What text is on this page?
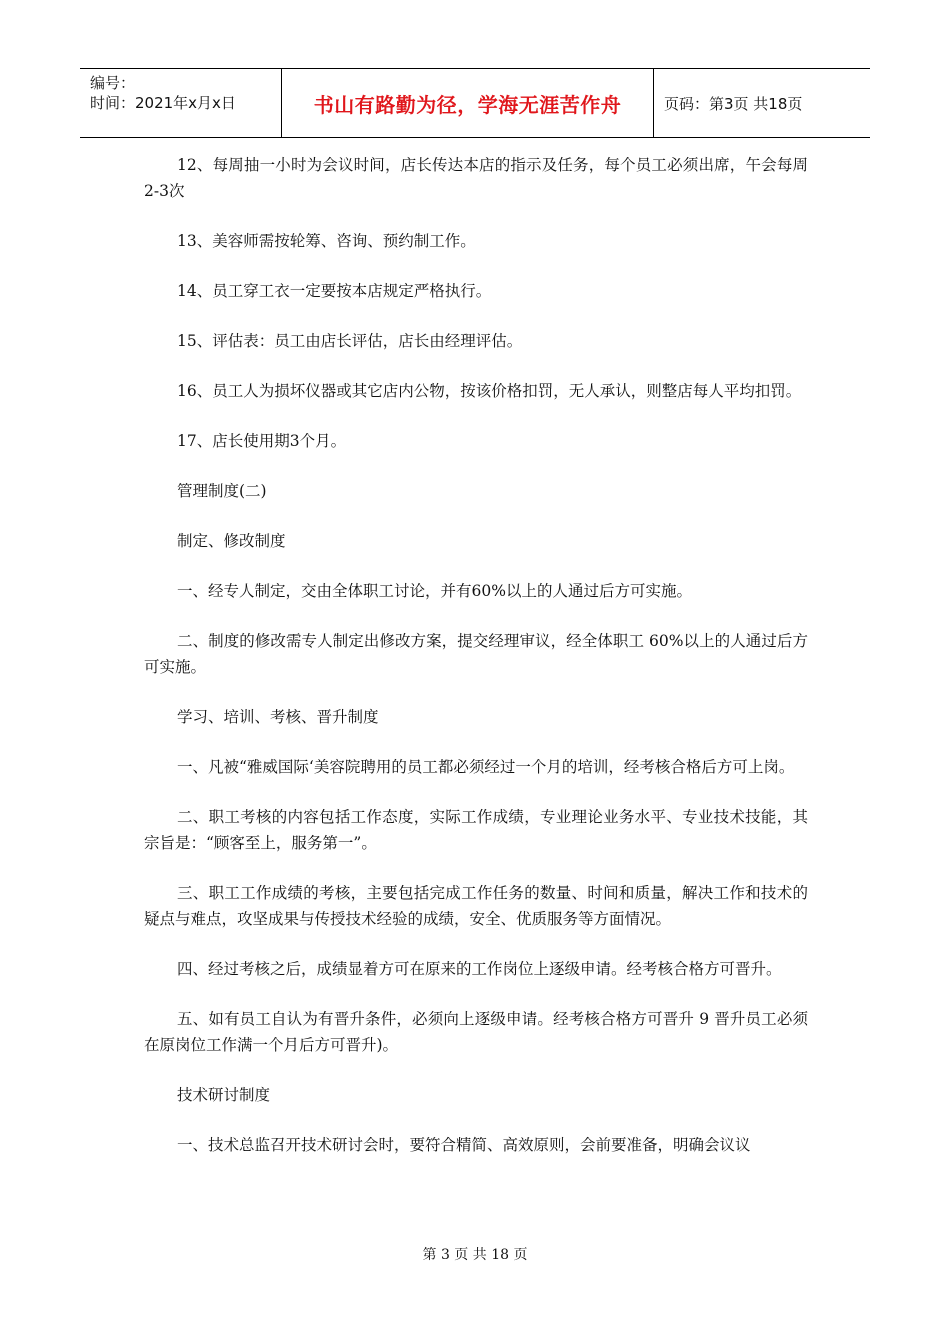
编号：
时间：2021年x月x日	书山有路勤为径，学海无涯苦作舟	页码：第3页 共18页

12、每周抽一小时为会议时间，店长传达本店的指示及任务，每个员工必须出席，午会每周2-3次

13、美容师需按轮筹、咨询、预约制工作。

14、员工穿工衣一定要按本店规定严格执行。

15、评估表：员工由店长评估，店长由经理评估。

16、员工人为损坏仪器或其它店内公物，按该价格扣罚，无人承认，则整店每人平均扣罚。

17、店长使用期3个月。

管理制度(二)

制定、修改制度

一、经专人制定，交由全体职工讨论，并有60%以上的人通过后方可实施。

二、制度的修改需专人制定出修改方案，提交经理审议，经全体职工 60%以上的人通过后方可实施。

学习、培训、考核、晋升制度

一、凡被“雅威国际‘美容院聘用的员工都必须经过一个月的培训，经考核合格后方可上岗。

二、职工考核的内容包括工作态度，实际工作成绩，专业理论业务水平、专业技术技能，其宗旨是：“顾客至上，服务第一”。

三、职工工作成绩的考核，主要包括完成工作任务的数量、时间和质量，解决工作和技术的疑点与难点，攻坚成果与传授技术经验的成绩，安全、优质服务等方面情况。

四、经过考核之后，成绩显着方可在原来的工作岗位上逐级申请。经考核合格方可晋升。

五、如有员工自认为有晋升条件，必须向上逐级申请。经考核合格方可晋升 9 晋升员工必须在原岗位工作满一个月后方可晋升)。

技术研讨制度

一、技术总监召开技术研讨会时，要符合精简、高效原则，会前要准备，明确会议议

第 3 页 共 18 页
